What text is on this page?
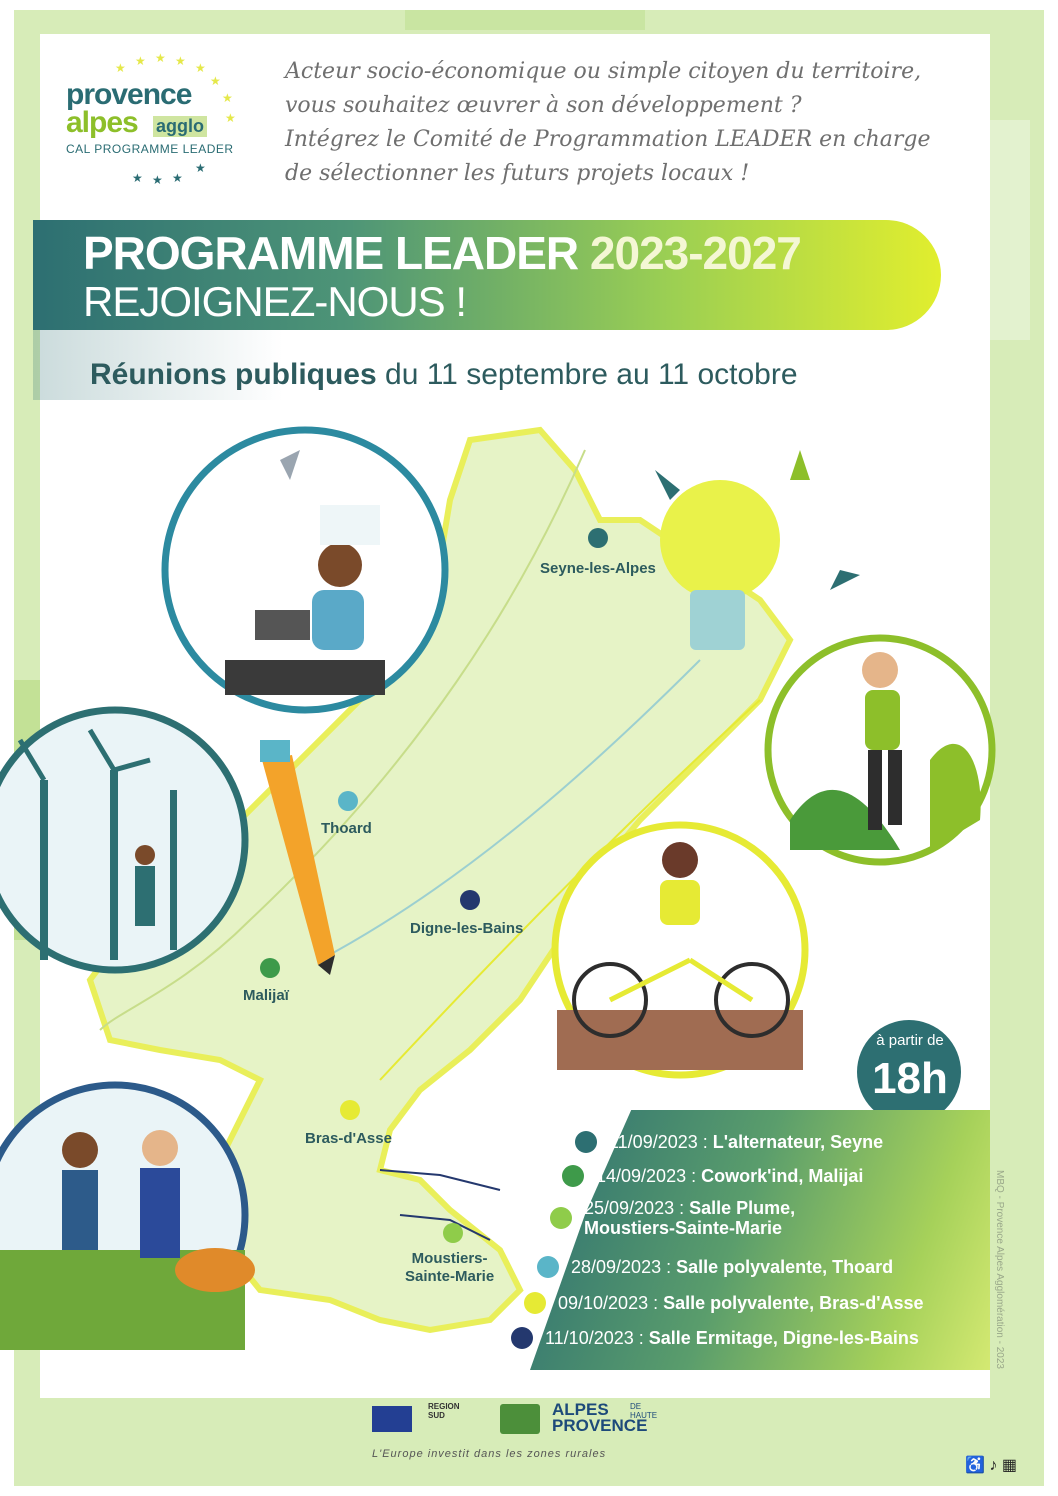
★ ★ ★ ★
★
★
★
★
★ ★ ★
★
provence
alpes agglo
CAL PROGRAMME LEADER
Acteur socio-économique ou simple citoyen du territoire,
vous souhaitez œuvrer à son développement ?
Intégrez le Comité de Programmation LEADER en charge
de sélectionner les futurs projets locaux !
PROGRAMME LEADER 2023-2027
REJOIGNEZ-NOUS !
Réunions publiques du 11 septembre au 11 octobre
Seyne-les-Alpes
Thoard
Digne-les-Bains
Malijaï
Bras-d'Asse
Moustiers-
Sainte-Marie
à partir de
18h
11/09/2023 : L'alternateur, Seyne
14/09/2023 : Cowork'ind, Malijai
25/09/2023 : Salle Plume,
Moustiers-Sainte-Marie
28/09/2023 : Salle polyvalente, Thoard
09/10/2023 : Salle polyvalente, Bras-d'Asse
11/10/2023 : Salle Ermitage, Digne-les-Bains	MBQ - Provence Alpes Agglomération - 2023
REGION SUD	ALPES	DE HAUTE
PROVENCE
L'Europe investit dans les zones rurales
♿ ♪ ▦
